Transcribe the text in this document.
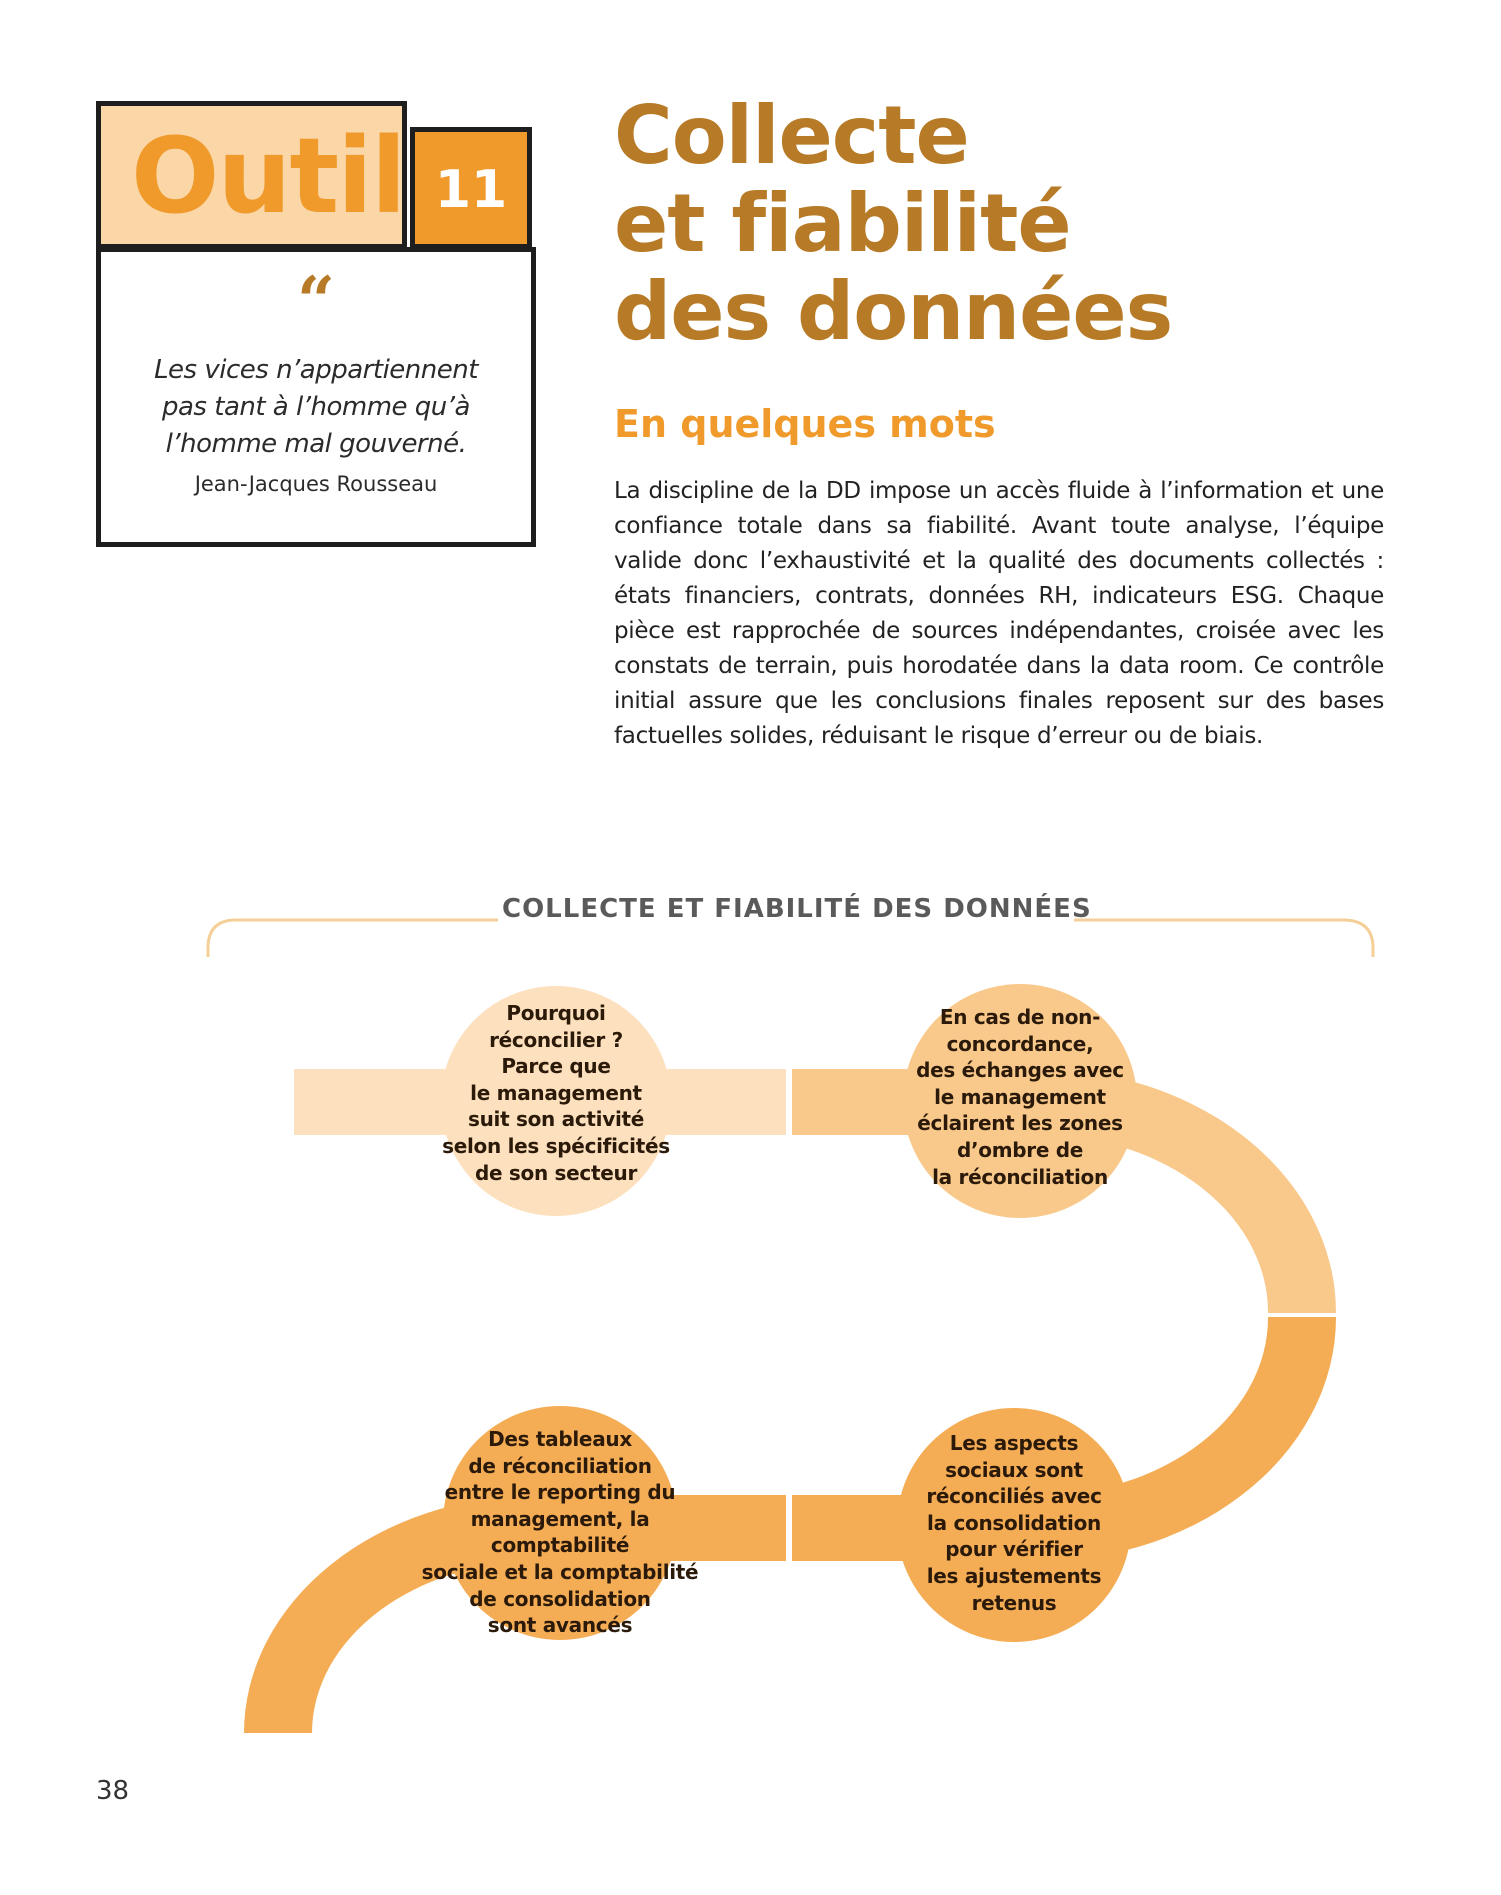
Outil 11
“
Les vices n’appartiennent
pas tant à l’homme qu’à
l’homme mal gouverné.
Jean-Jacques Rousseau
Collecte
et fiabilité
des données
En quelques mots

La discipline de la DD impose un accès fluide à l’information et une confiance totale dans sa fiabilité. Avant toute analyse, l’équipe valide donc l’exhaustivité et la qualité des documents collectés : états financiers, contrats, données RH, indicateurs ESG. Chaque pièce est rapprochée de sources indépendantes, croisée avec les constats de terrain, puis horodatée dans la data room. Ce contrôle initial assure que les conclusions finales reposent sur des bases factuelles solides, réduisant le risque d’erreur ou de biais.

COLLECTE ET FIABILITÉ DES DONNÉES
Pourquoi
réconcilier ?
Parce que
le management
suit son activité
selon les spécificités
de son secteur
En cas de non-
concordance,
des échanges avec
le management
éclairent les zones
d’ombre de
la réconciliation
Les aspects
sociaux sont
réconciliés avec
la consolidation
pour vérifier
les ajustements
retenus
Des tableaux
de réconciliation
entre le reporting du
management, la comptabilité
sociale et la comptabilité
de consolidation
sont avancés
38
